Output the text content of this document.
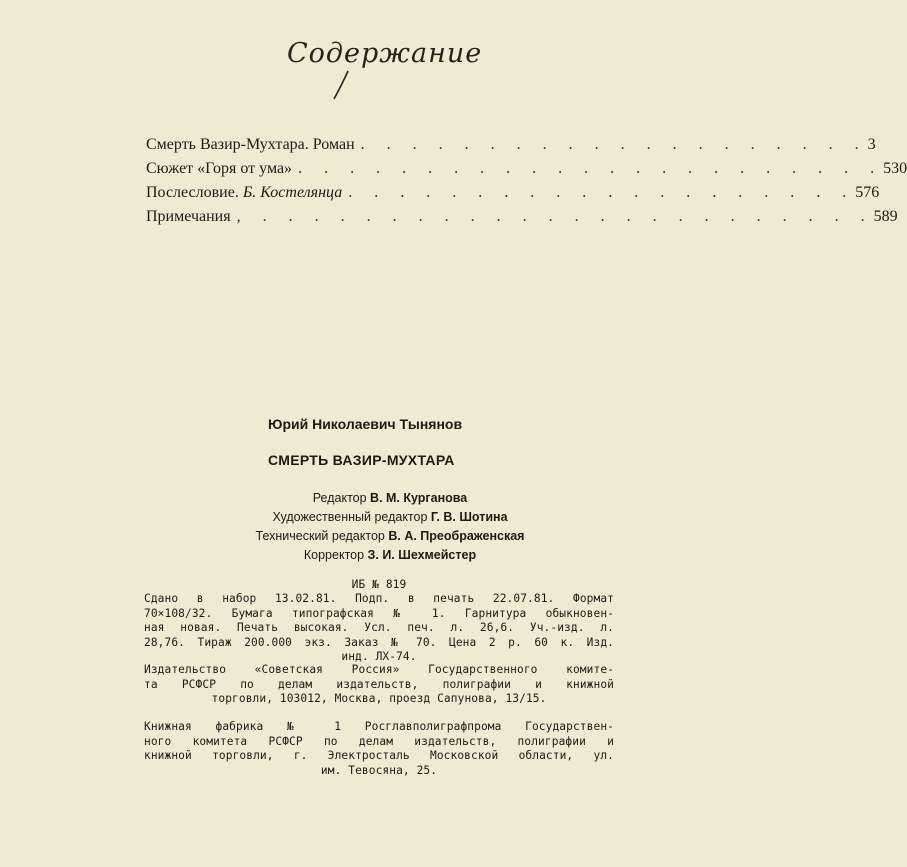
Содержание
Смерть Вазир-Мухтара. Роман . . . . . . . . . . . . . . . . . . . . 3
Сюжет «Горя от ума» . . . . . . . . . . . . . . . . . . . . . . . 530
Послесловие. Б. Костелянца . . . . . . . . . . . . . . . . . . . . 576
Примечания , . . . . . . . . . . . . . . . . . . . . . . . . 589
Юрий Николаевич Тынянов
СМЕРТЬ ВАЗИР-МУХТАРА
Редактор В. М. Курганова
Художественный редактор Г. В. Шотина
Технический редактор В. А. Преображенская
Корректор З. И. Шехмейстер
ИБ № 819
Сдано в набор 13.02.81. Подп. в печать 22.07.81. Формат
70×108/32. Бумага типографская № 1. Гарнитура обыкновен-
ная новая. Печать высокая. Усл. печ. л. 26,6. Уч.-изд. л.
28,76. Тираж 200.000 экз. Заказ № 70. Цена 2 р. 60 к. Изд.
инд. ЛХ-74.
Издательство «Советская Россия» Государственного комите-
та РСФСР по делам издательств, полиграфии и книжной
торговли, 103012, Москва, проезд Сапунова, 13/15.
Книжная фабрика № 1 Росглавполиграфпрома Государствен-
ного комитета РСФСР по делам издательств, полиграфии и
книжной торговли, г. Электросталь Московской области, ул.
им. Тевосяна, 25.
